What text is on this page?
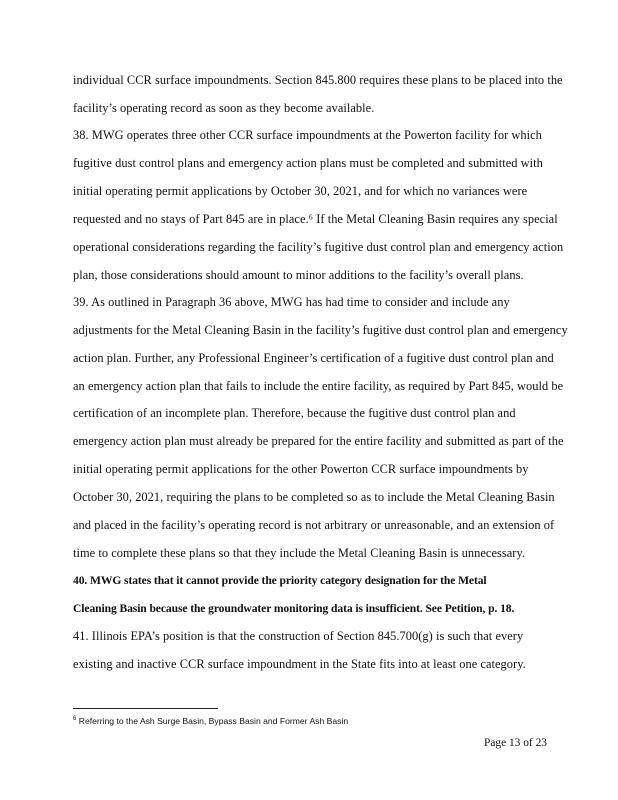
individual CCR surface impoundments. Section 845.800 requires these plans to be placed into the
facility’s operating record as soon as they become available.
38. MWG operates three other CCR surface impoundments at the Powerton facility for which
fugitive dust control plans and emergency action plans must be completed and submitted with
initial operating permit applications by October 30, 2021, and for which no variances were
requested and no stays of Part 845 are in place.⁶ If the Metal Cleaning Basin requires any special
operational considerations regarding the facility’s fugitive dust control plan and emergency action
plan, those considerations should amount to minor additions to the facility’s overall plans.
39. As outlined in Paragraph 36 above, MWG has had time to consider and include any
adjustments for the Metal Cleaning Basin in the facility’s fugitive dust control plan and emergency
action plan. Further, any Professional Engineer’s certification of a fugitive dust control plan and
an emergency action plan that fails to include the entire facility, as required by Part 845, would be
certification of an incomplete plan. Therefore, because the fugitive dust control plan and
emergency action plan must already be prepared for the entire facility and submitted as part of the
initial operating permit applications for the other Powerton CCR surface impoundments by
October 30, 2021, requiring the plans to be completed so as to include the Metal Cleaning Basin
and placed in the facility’s operating record is not arbitrary or unreasonable, and an extension of
time to complete these plans so that they include the Metal Cleaning Basin is unnecessary.
40. MWG states that it cannot provide the priority category designation for the Metal
Cleaning Basin because the groundwater monitoring data is insufficient. See Petition, p. 18.
41. Illinois EPA’s position is that the construction of Section 845.700(g) is such that every
existing and inactive CCR surface impoundment in the State fits into at least one category.
$^6$ Referring to the Ash Surge Basin, Bypass Basin and Former Ash Basin
Page 13 of 23
